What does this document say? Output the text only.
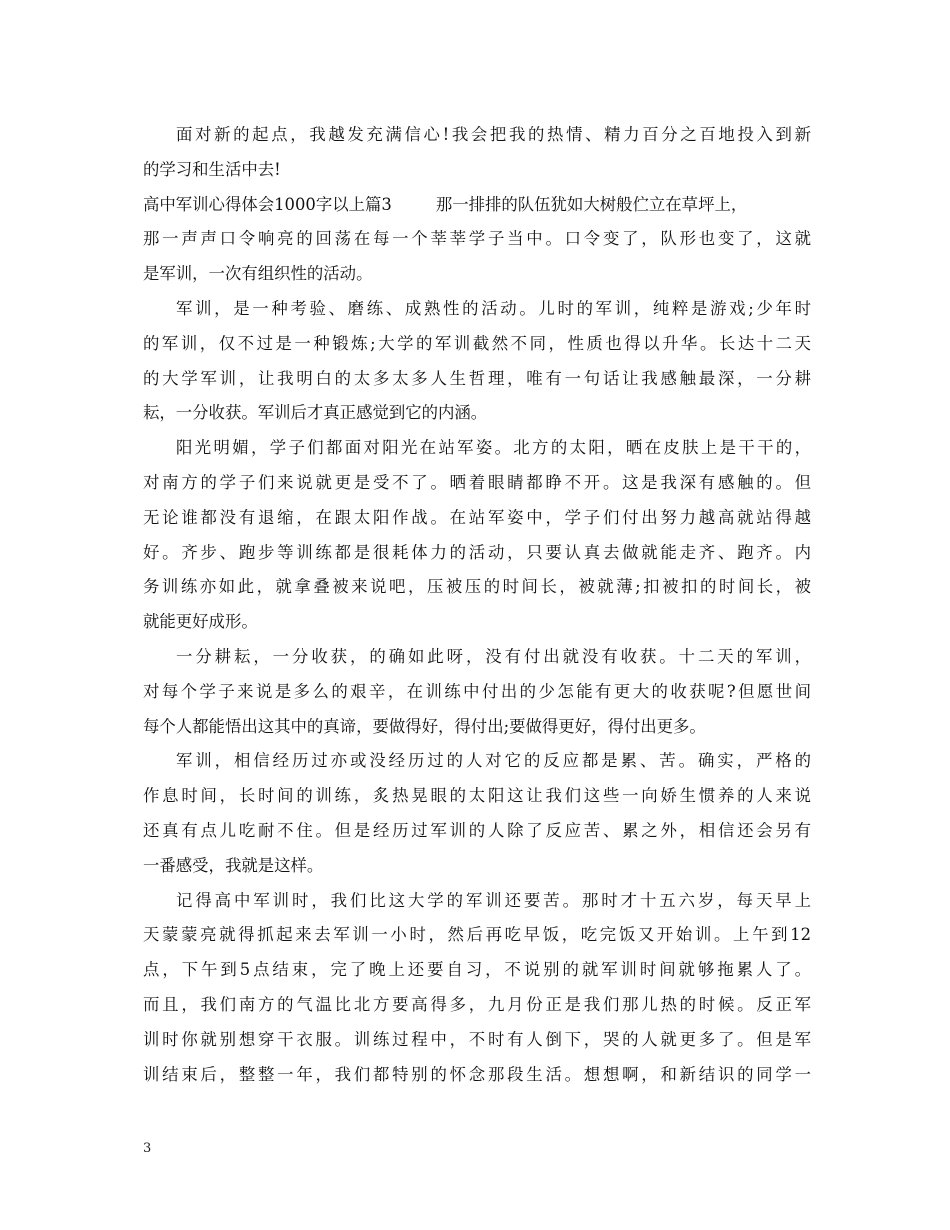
面对新的起点，我越发充满信心!我会把我的热情、精力百分之百地投入到新
的学习和生活中去!
高中军训心得体会1000字以上篇3	那一排排的队伍犹如大树般伫立在草坪上，
那一声声口令响亮的回荡在每一个莘莘学子当中。口令变了，队形也变了，这就
是军训，一次有组织性的活动。
军训，是一种考验、磨练、成熟性的活动。儿时的军训，纯粹是游戏;少年时
的军训，仅不过是一种锻炼;大学的军训截然不同，性质也得以升华。长达十二天
的大学军训，让我明白的太多太多人生哲理，唯有一句话让我感触最深，一分耕
耘，一分收获。军训后才真正感觉到它的内涵。
阳光明媚，学子们都面对阳光在站军姿。北方的太阳，晒在皮肤上是干干的，
对南方的学子们来说就更是受不了。晒着眼睛都睁不开。这是我深有感触的。但
无论谁都没有退缩，在跟太阳作战。在站军姿中，学子们付出努力越高就站得越
好。齐步、跑步等训练都是很耗体力的活动，只要认真去做就能走齐、跑齐。内
务训练亦如此，就拿叠被来说吧，压被压的时间长，被就薄;扣被扣的时间长，被
就能更好成形。
一分耕耘，一分收获，的确如此呀，没有付出就没有收获。十二天的军训，
对每个学子来说是多么的艰辛，在训练中付出的少怎能有更大的收获呢?但愿世间
每个人都能悟出这其中的真谛，要做得好，得付出;要做得更好，得付出更多。
军训，相信经历过亦或没经历过的人对它的反应都是累、苦。确实，严格的
作息时间，长时间的训练，炙热晃眼的太阳这让我们这些一向娇生惯养的人来说
还真有点儿吃耐不住。但是经历过军训的人除了反应苦、累之外，相信还会另有
一番感受，我就是这样。
记得高中军训时，我们比这大学的军训还要苦。那时才十五六岁，每天早上
天蒙蒙亮就得抓起来去军训一小时，然后再吃早饭，吃完饭又开始训。上午到12
点，下午到5点结束，完了晚上还要自习，不说别的就军训时间就够拖累人了。
而且，我们南方的气温比北方要高得多，九月份正是我们那儿热的时候。反正军
训时你就别想穿干衣服。训练过程中，不时有人倒下，哭的人就更多了。但是军
训结束后，整整一年，我们都特别的怀念那段生活。想想啊，和新结识的同学一
3
